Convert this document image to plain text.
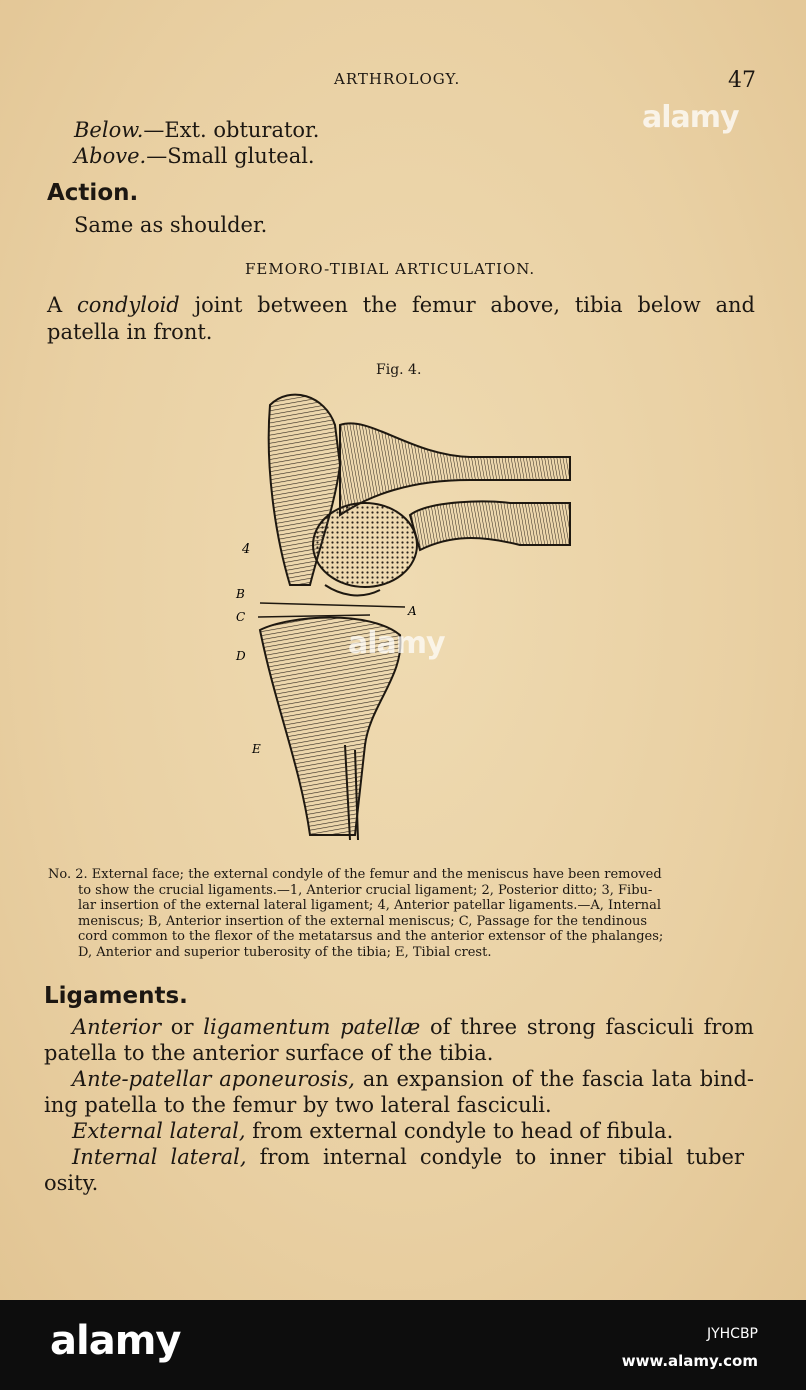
ARTHROLOGY.	47
Below.—Ext. obturator.
Above.—Small gluteal.
Action.
Same as shoulder.
FEMORO-TIBIAL ARTICULATION.
A condyloid joint between the femur above, tibia below and
patella in front.
Fig. 4.
4
B
C
D
E
A

No. 2. External face; the external condyle of the femur and the meniscus have been removed

to show the crucial ligaments.—1, Anterior crucial ligament; 2, Posterior ditto; 3, Fibu-

lar insertion of the external lateral ligament; 4, Anterior patellar ligaments.—A, Internal

meniscus; B, Anterior insertion of the external meniscus; C, Passage for the tendinous

cord common to the flexor of the metatarsus and the anterior extensor of the phalanges;

D, Anterior and superior tuberosity of the tibia; E, Tibial crest.

Ligaments.
Anterior or ligamentum patellæ of three strong fasciculi from
patella to the anterior surface of the tibia.
Ante-patellar aponeurosis, an expansion of the fascia lata bind-
ing patella to the femur by two lateral fasciculi.
External lateral, from external condyle to head of fibula.
Internal lateral, from internal condyle to inner tibial tuber
osity.
alamy
alamy
alamy	JYHCBP
www.alamy.com
